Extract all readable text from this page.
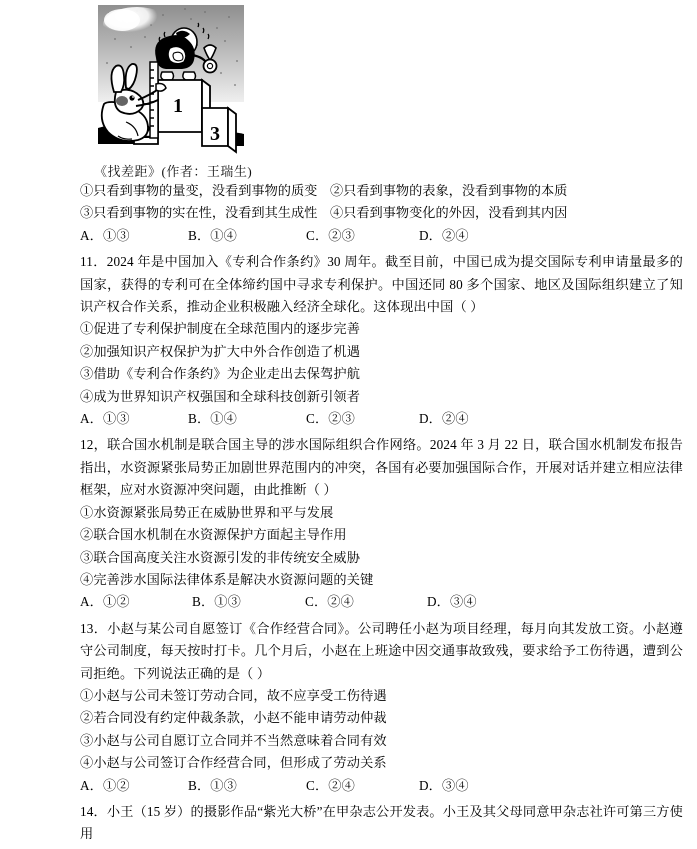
1
3
《找差距》(作者：王瑞生)
①只看到事物的量变，没看到事物的质变 ②只看到事物的表象，没看到事物的本质
③只看到事物的实在性，没看到其生成性 ④只看到事物变化的外因，没看到其内因
A．①③	B．①④	C．②③	D．②④

11．2024 年是中国加入《专利合作条约》30 周年。截至目前，中国已成为提交国际专利申请量最多的国家，获得的专利可在全体缔约国中寻求专利保护。中国还同 80 多个国家、地区及国际组织建立了知识产权合作关系，推动企业积极融入经济全球化。这体现出中国（ ）

①促进了专利保护制度在全球范围内的逐步完善
②加强知识产权保护为扩大中外合作创造了机遇
③借助《专利合作条约》为企业走出去保驾护航
④成为世界知识产权强国和全球科技创新引领者
A．①③	B．①④	C．②③	D．②④

12，联合国水机制是联合国主导的涉水国际组织合作网络。2024 年 3 月 22 日，联合国水机制发布报告指出，水资源紧张局势正加剧世界范围内的冲突，各国有必要加强国际合作，开展对话并建立相应法律框架，应对水资源冲突问题，由此推断（ ）

①水资源紧张局势正在威胁世界和平与发展
②联合国水机制在水资源保护方面起主导作用
③联合国高度关注水资源引发的非传统安全威胁
④完善涉水国际法律体系是解决水资源问题的关键
A．①②	B．①③	C．②④	D．③④

13．小赵与某公司自愿签订《合作经营合同》。公司聘任小赵为项目经理，每月向其发放工资。小赵遵守公司制度，每天按时打卡。几个月后，小赵在上班途中因交通事故致残，要求给予工伤待遇，遭到公司拒绝。下列说法正确的是（ ）

①小赵与公司未签订劳动合同，故不应享受工伤待遇
②若合同没有约定仲裁条款，小赵不能申请劳动仲裁
③小赵与公司自愿订立合同并不当然意味着合同有效
④小赵与公司签订合作经营合同，但形成了劳动关系
A．①②	B．①③	C．②④	D．③④

14．小王（15 岁）的摄影作品“紫光大桥”在甲杂志公开发表。小王及其父母同意甲杂志社许可第三方使用
